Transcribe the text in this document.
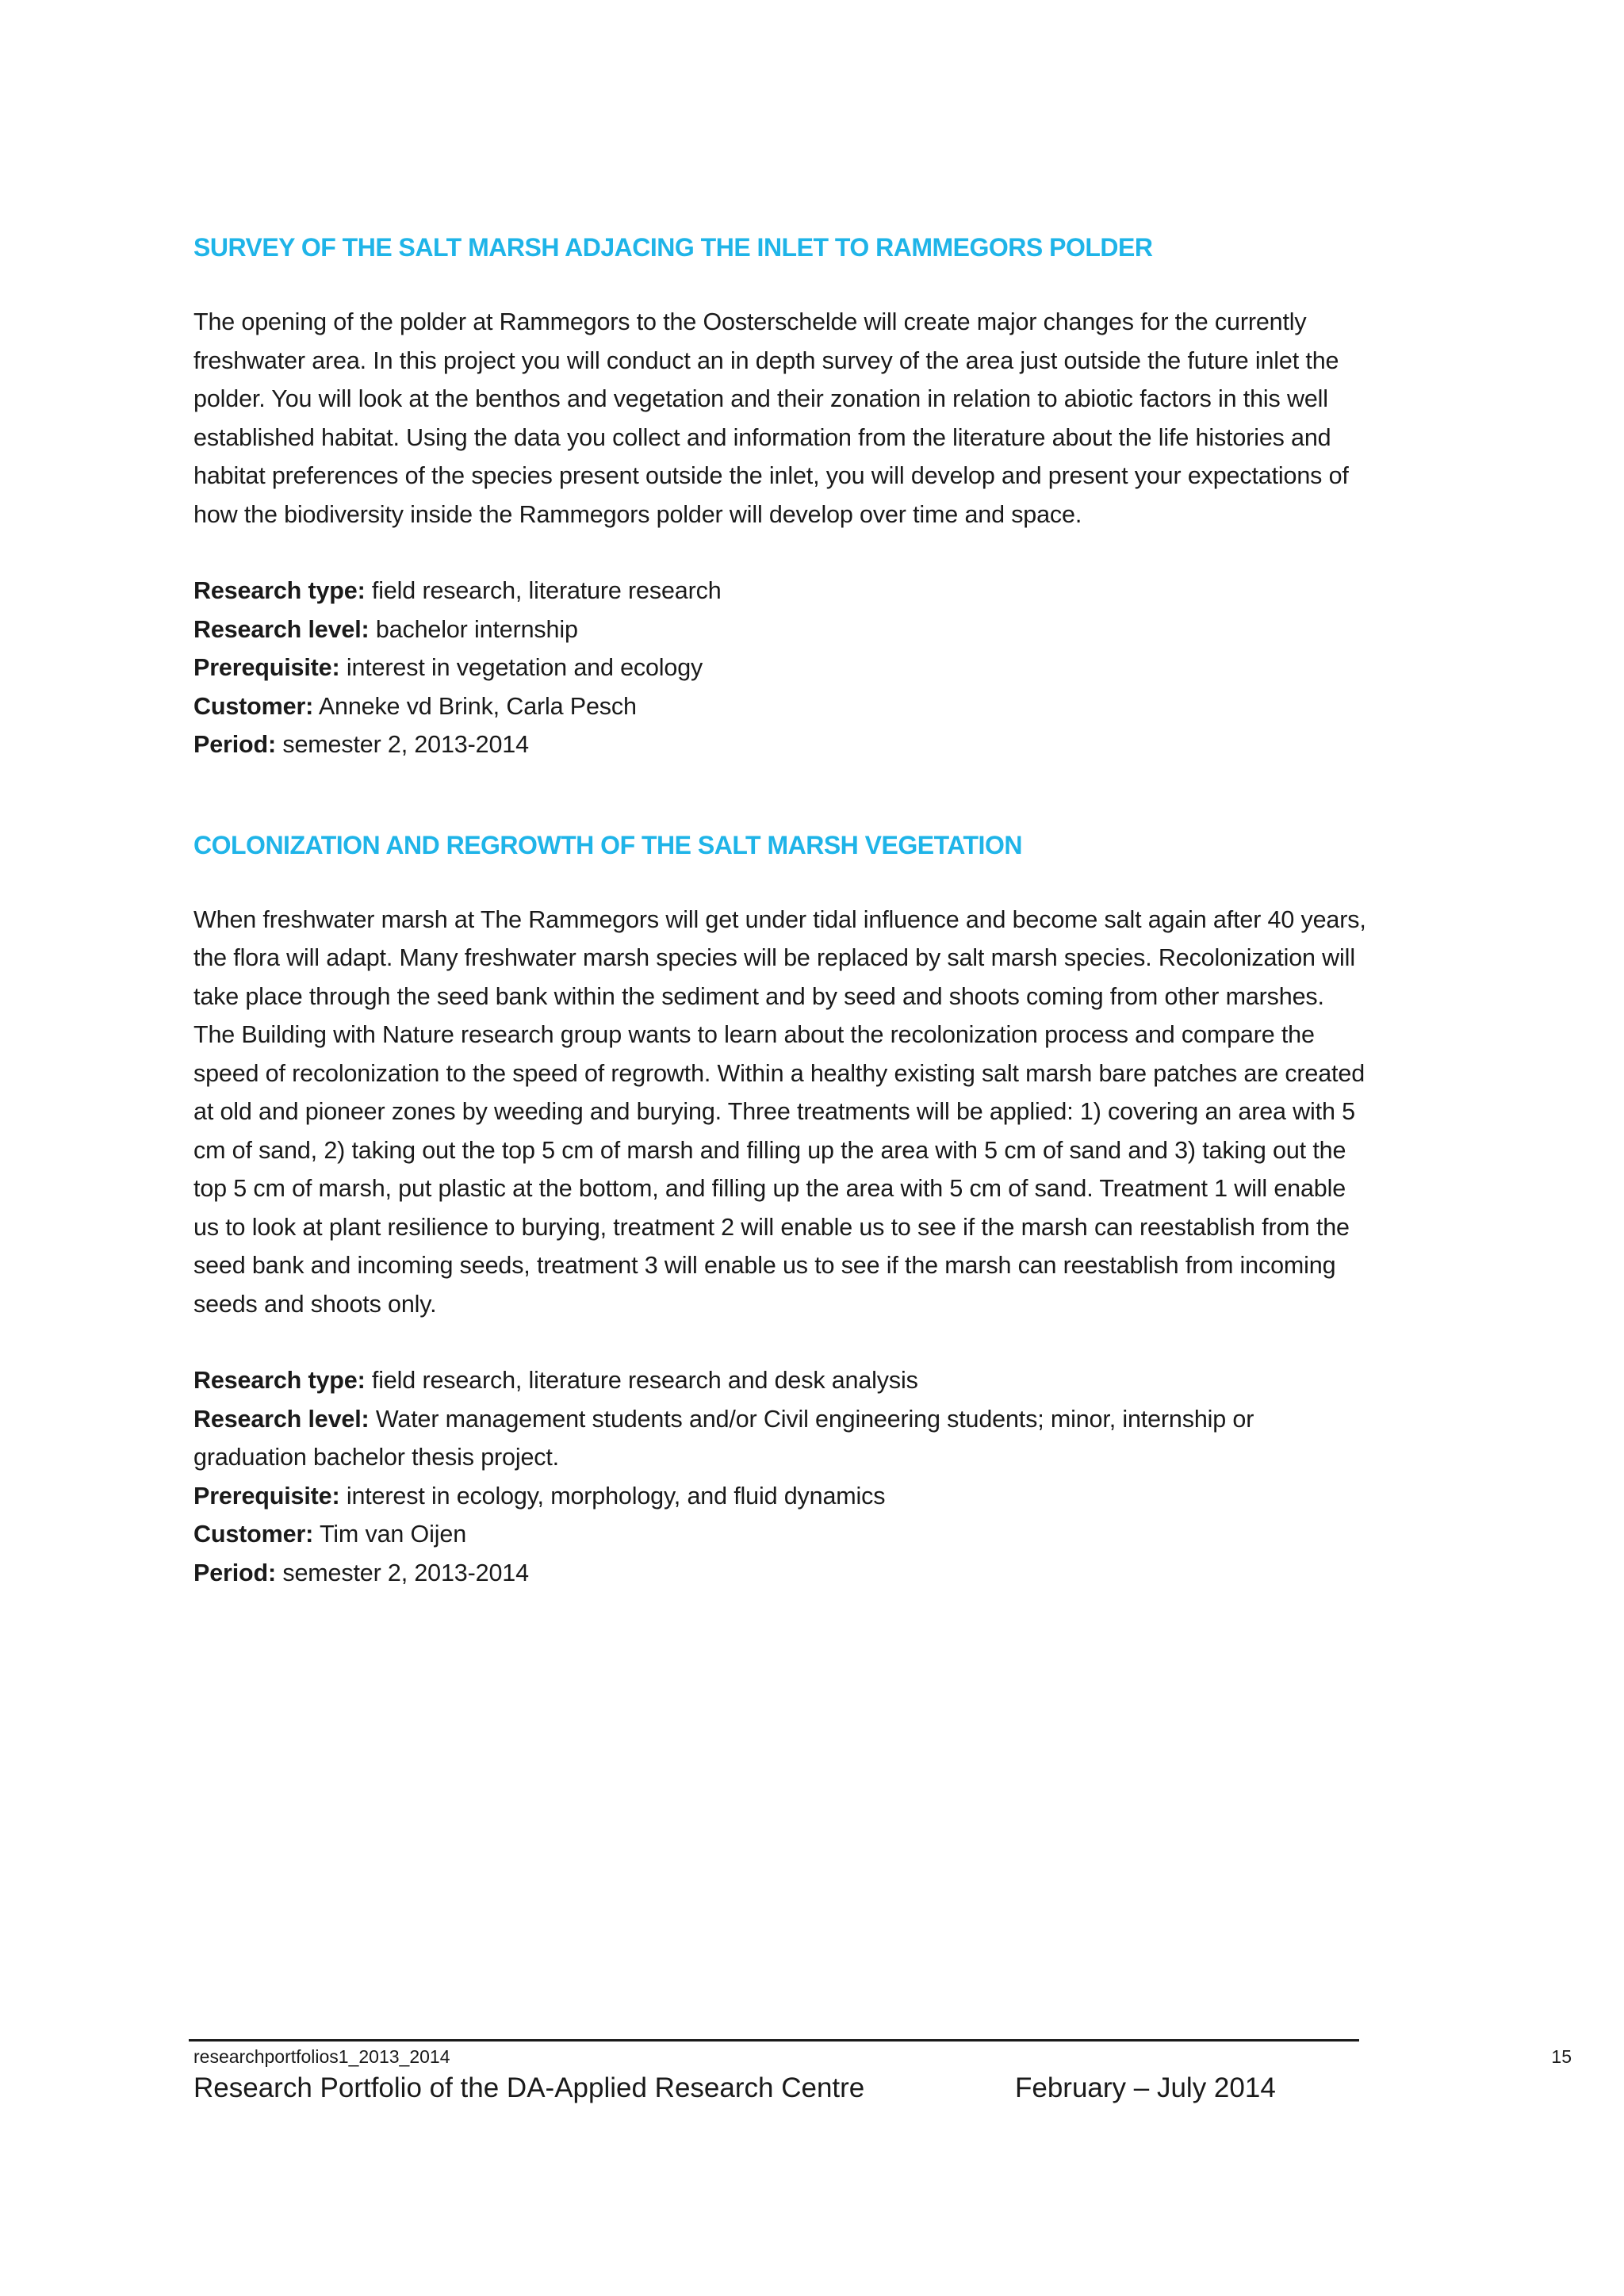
SURVEY OF THE SALT MARSH ADJACING THE INLET TO RAMMEGORS POLDER

The opening of the polder at Rammegors to the Oosterschelde will create major changes for the currently freshwater area. In this project you will conduct an in depth survey of the area just outside the future inlet the polder. You will look at the benthos and vegetation and their zonation in relation to abiotic factors in this well established habitat. Using the data you collect and information from the literature about the life histories and habitat preferences of the species present outside the inlet, you will develop and present your expectations of how the biodiversity inside the Rammegors polder will develop over time and space.

Research type: field research, literature research
Research level: bachelor internship
Prerequisite: interest in vegetation and ecology
Customer: Anneke vd Brink, Carla Pesch
Period: semester 2, 2013-2014
COLONIZATION AND REGROWTH OF THE SALT MARSH VEGETATION

When freshwater marsh at The Rammegors will get under tidal influence and become salt again after 40 years, the flora will adapt. Many freshwater marsh species will be replaced by salt marsh species. Recolonization will take place through the seed bank within the sediment and by seed and shoots coming from other marshes. The Building with Nature research group wants to learn about the recolonization process and compare the speed of recolonization to the speed of regrowth. Within a healthy existing salt marsh bare patches are created at old and pioneer zones by weeding and burying. Three treatments will be applied: 1) covering an area with 5 cm of sand, 2) taking out the top 5 cm of marsh and filling up the area with 5 cm of sand and 3) taking out the top 5 cm of marsh, put plastic at the bottom, and filling up the area with 5 cm of sand. Treatment 1 will enable us to look at plant resilience to burying, treatment 2 will enable us to see if the marsh can reestablish from the seed bank and incoming seeds, treatment 3 will enable us to see if the marsh can reestablish from incoming seeds and shoots only.

Research type: field research, literature research and desk analysis
Research level: Water management students and/or Civil engineering students; minor, internship or graduation bachelor thesis project.
Prerequisite: interest in ecology, morphology, and fluid dynamics
Customer: Tim van Oijen
Period: semester 2, 2013-2014
researchportfolios1_2013_2014	15
Research Portfolio of the DA-Applied Research Centre	February – July 2014
